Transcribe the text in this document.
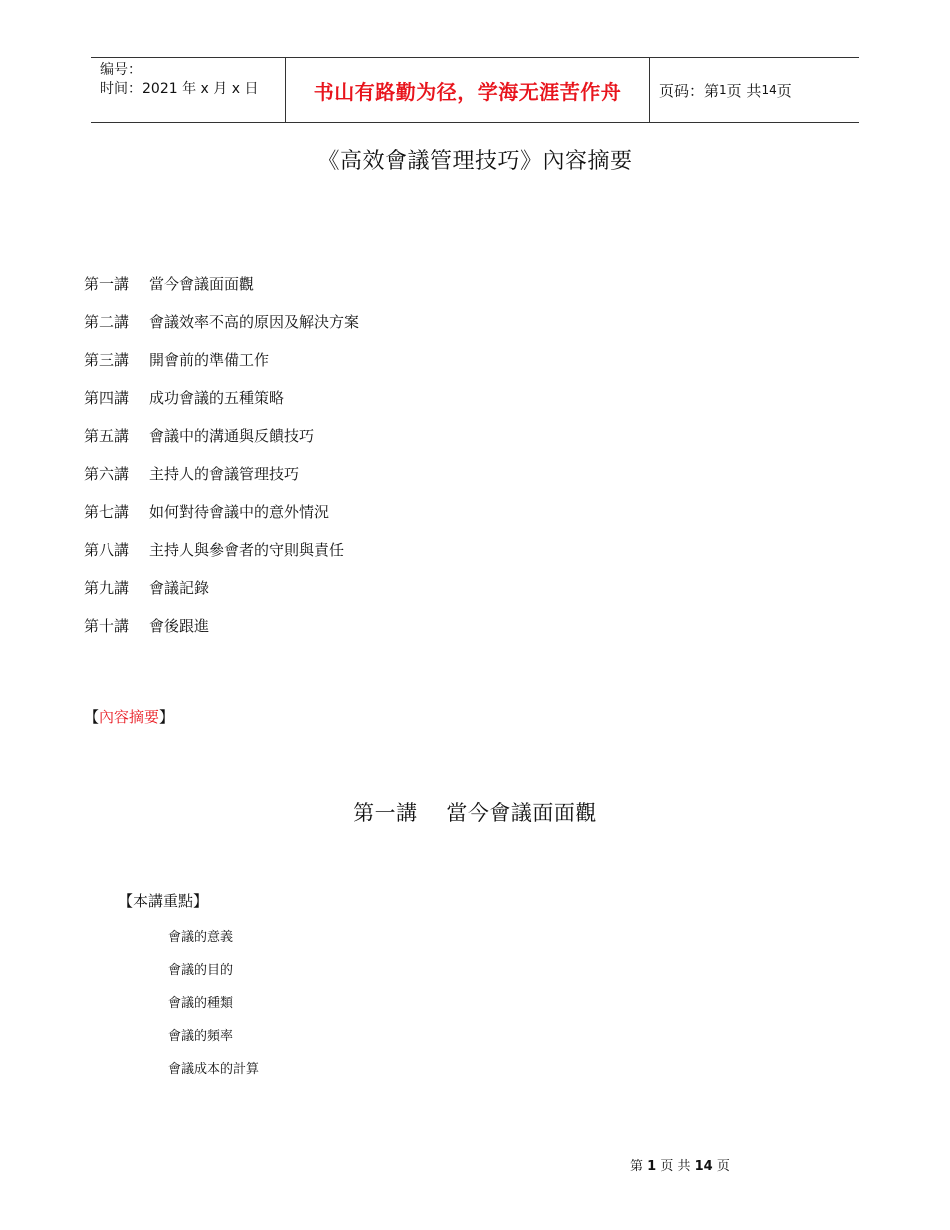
编号：
时间：2021 年 x 月 x 日	书山有路勤为径，学海无涯苦作舟	页码：第 1 页 共 14 页
《高效會議管理技巧》內容摘要
第一講	當今會議面面觀
第二講	會議效率不高的原因及解決方案
第三講	開會前的準備工作
第四講	成功會議的五種策略
第五講	會議中的溝通與反饋技巧
第六講	主持人的會議管理技巧
第七講	如何對待會議中的意外情況
第八講	主持人與參會者的守則與責任
第九講	會議記錄
第十講	會後跟進
【內容摘要】
第一講    當今會議面面觀
【本講重點】
會議的意義
會議的目的
會議的種類
會議的頻率
會議成本的計算
第 1 页 共 14 页
